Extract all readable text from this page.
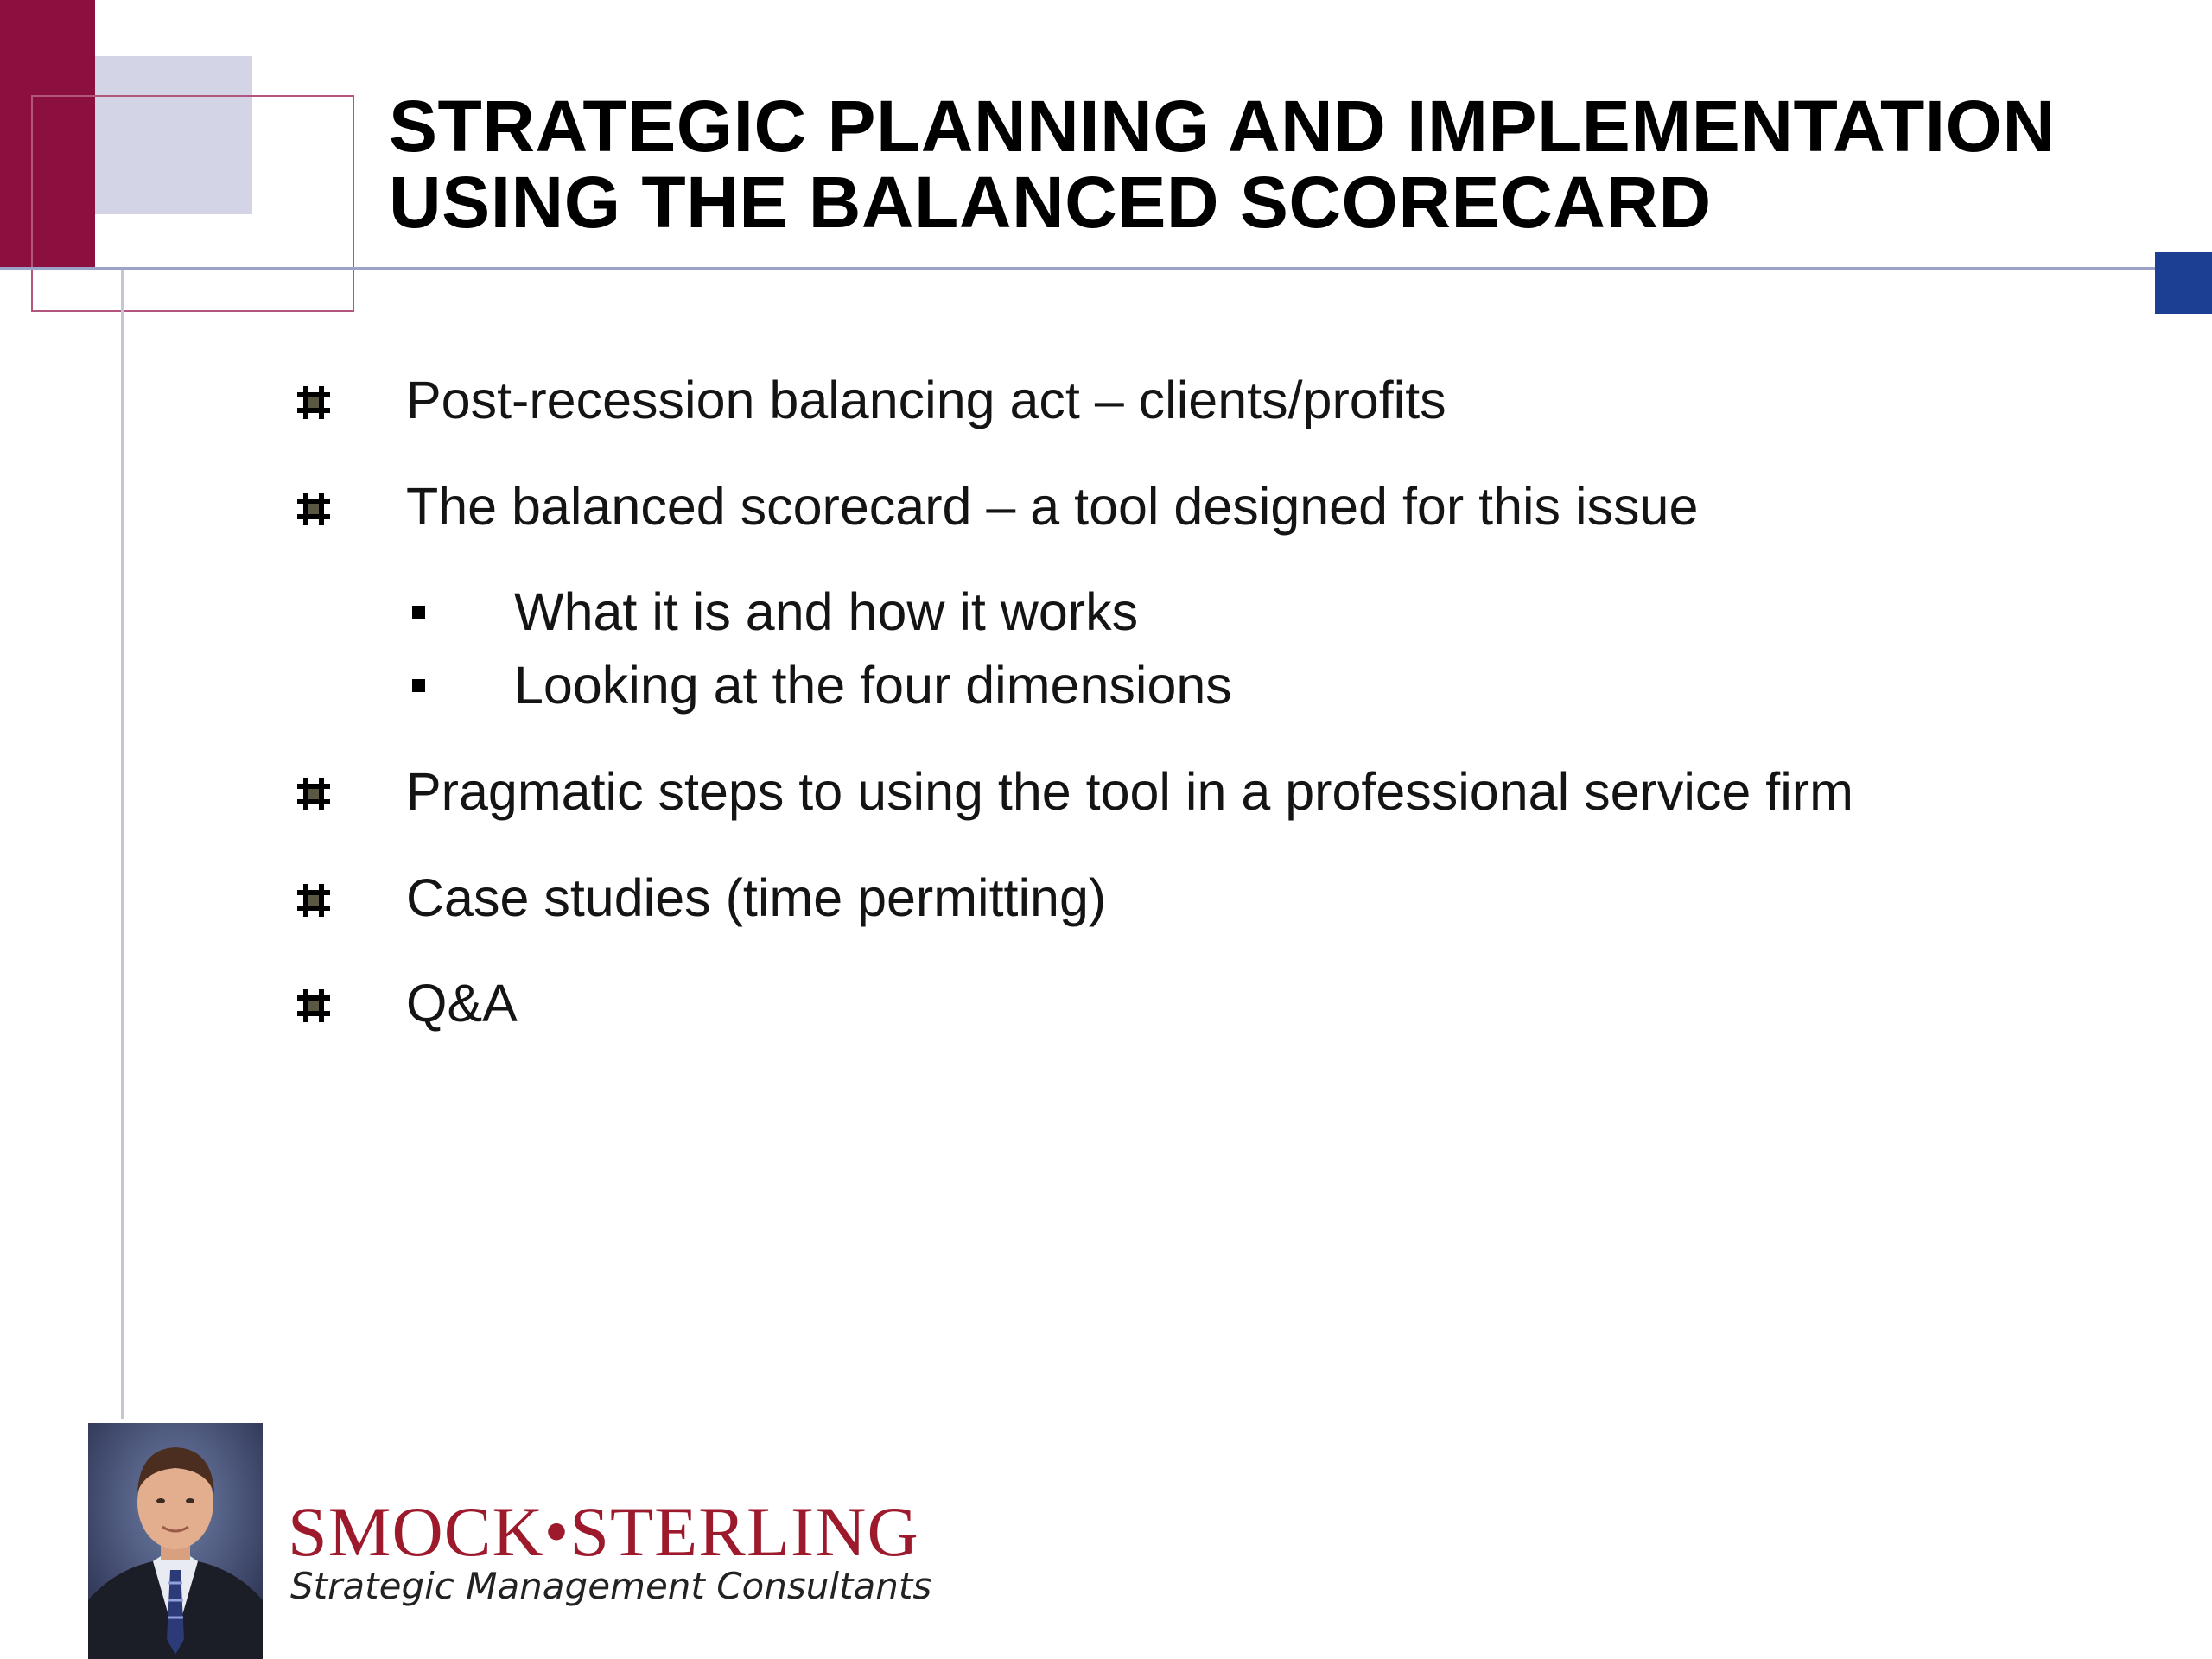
STRATEGIC PLANNING AND IMPLEMENTATION
USING THE BALANCED SCORECARD
Post-recession balancing act – clients/profits
The balanced scorecard – a tool designed for this issue
What it is and how it works
Looking at the four dimensions
Pragmatic steps to using the tool in a professional service firm
Case studies (time permitting)
Q&A

SMOCK•STERLING

Strategic Management Consultants
